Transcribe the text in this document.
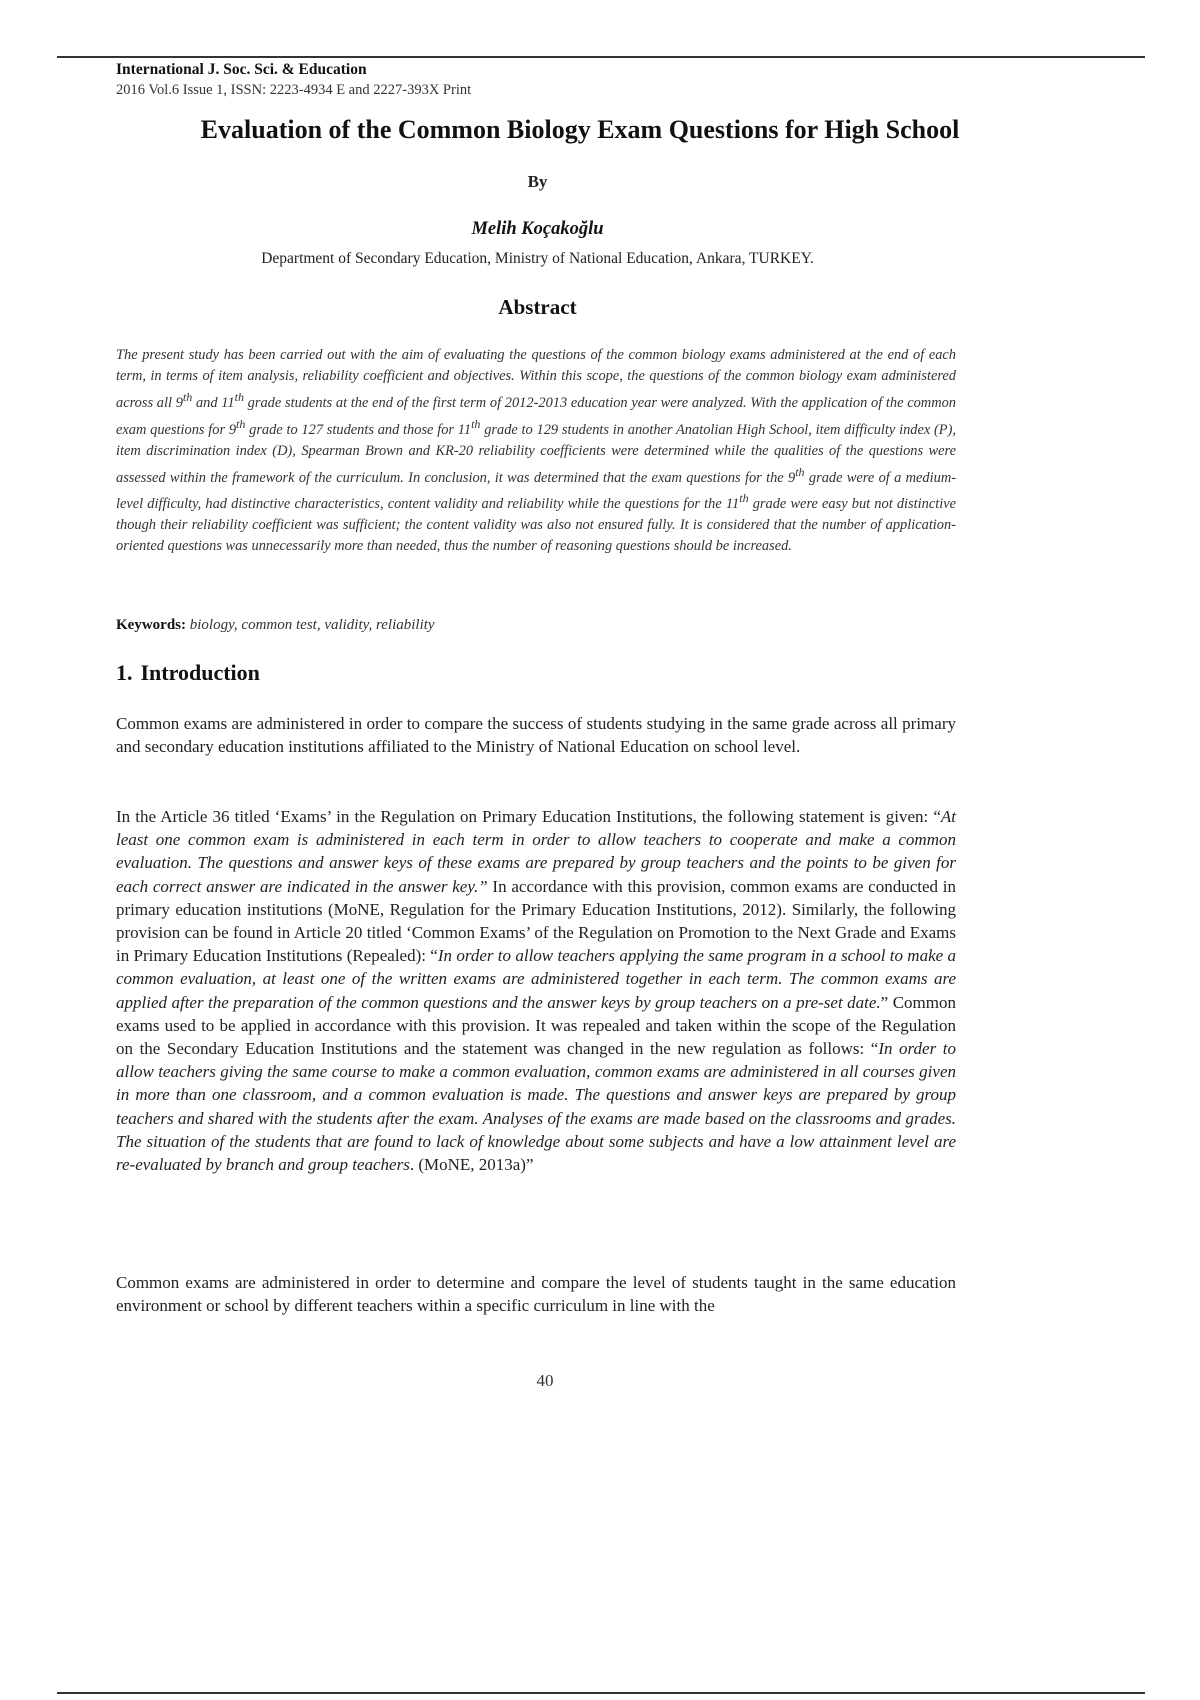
International J. Soc. Sci. & Education
2016 Vol.6 Issue 1, ISSN: 2223-4934 E and 2227-393X Print
Evaluation of the Common Biology Exam Questions for High School
By
Melih Koçakoğlu
Department of Secondary Education, Ministry of National Education, Ankara, TURKEY.
Abstract

The present study has been carried out with the aim of evaluating the questions of the common biology exams administered at the end of each term, in terms of item analysis, reliability coefficient and objectives. Within this scope, the questions of the common biology exam administered across all 9th and 11th grade students at the end of the first term of 2012-2013 education year were analyzed. With the application of the common exam questions for 9th grade to 127 students and those for 11th grade to 129 students in another Anatolian High School, item difficulty index (P), item discrimination index (D), Spearman Brown and KR-20 reliability coefficients were determined while the qualities of the questions were assessed within the framework of the curriculum. In conclusion, it was determined that the exam questions for the 9th grade were of a medium-level difficulty, had distinctive characteristics, content validity and reliability while the questions for the 11th grade were easy but not distinctive though their reliability coefficient was sufficient; the content validity was also not ensured fully. It is considered that the number of application-oriented questions was unnecessarily more than needed, thus the number of reasoning questions should be increased.

Keywords: biology, common test, validity, reliability
1. Introduction

Common exams are administered in order to compare the success of students studying in the same grade across all primary and secondary education institutions affiliated to the Ministry of National Education on school level.

In the Article 36 titled ‘Exams’ in the Regulation on Primary Education Institutions, the following statement is given: “At least one common exam is administered in each term in order to allow teachers to cooperate and make a common evaluation. The questions and answer keys of these exams are prepared by group teachers and the points to be given for each correct answer are indicated in the answer key.” In accordance with this provision, common exams are conducted in primary education institutions (MoNE, Regulation for the Primary Education Institutions, 2012). Similarly, the following provision can be found in Article 20 titled ‘Common Exams’ of the Regulation on Promotion to the Next Grade and Exams in Primary Education Institutions (Repealed): “In order to allow teachers applying the same program in a school to make a common evaluation, at least one of the written exams are administered together in each term. The common exams are applied after the preparation of the common questions and the answer keys by group teachers on a pre-set date.” Common exams used to be applied in accordance with this provision. It was repealed and taken within the scope of the Regulation on the Secondary Education Institutions and the statement was changed in the new regulation as follows: “In order to allow teachers giving the same course to make a common evaluation, common exams are administered in all courses given in more than one classroom, and a common evaluation is made. The questions and answer keys are prepared by group teachers and shared with the students after the exam. Analyses of the exams are made based on the classrooms and grades. The situation of the students that are found to lack of knowledge about some subjects and have a low attainment level are re-evaluated by branch and group teachers. (MoNE, 2013a)”

Common exams are administered in order to determine and compare the level of students taught in the same education environment or school by different teachers within a specific curriculum in line with the

40
